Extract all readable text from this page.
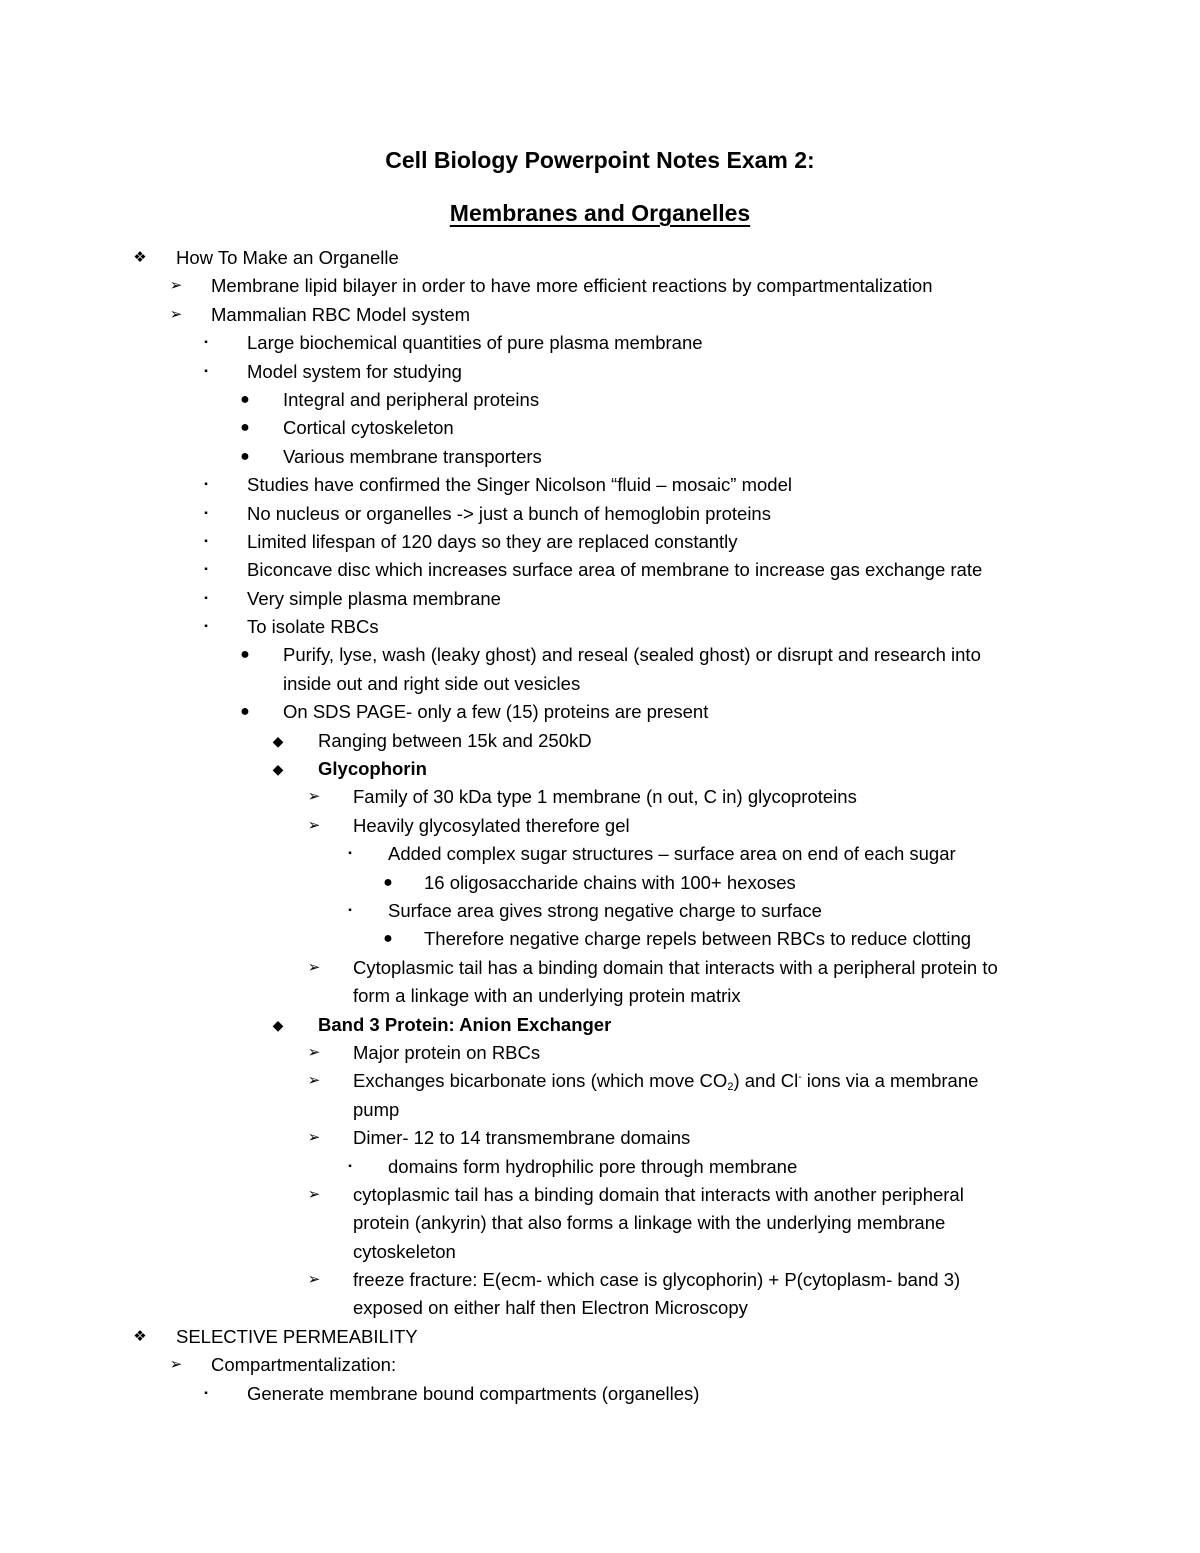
Cell Biology Powerpoint Notes Exam 2:
Membranes and Organelles
❖ How To Make an Organelle
➢	Membrane lipid bilayer in order to have more efficient reactions by compartmentalization
➢	Mammalian RBC Model system
▪	Large biochemical quantities of pure plasma membrane
▪	Model system for studying
●	Integral and peripheral proteins
●	Cortical cytoskeleton
●	Various membrane transporters
▪	Studies have confirmed the Singer Nicolson “fluid – mosaic” model
▪	No nucleus or organelles -> just a bunch of hemoglobin proteins
▪	Limited lifespan of 120 days so they are replaced constantly
▪	Biconcave disc which increases surface area of membrane to increase gas exchange rate
▪	Very simple plasma membrane
▪	To isolate RBCs
●	Purify, lyse, wash (leaky ghost) and reseal (sealed ghost) or disrupt and research into
inside out and right side out vesicles
●	On SDS PAGE- only a few (15) proteins are present
◆	Ranging between 15k and 250kD
◆	Glycophorin
➢	Family of 30 kDa type 1 membrane (n out, C in) glycoproteins
➢	Heavily glycosylated therefore gel
▪	Added complex sugar structures – surface area on end of each sugar
●	16 oligosaccharide chains with 100+ hexoses
▪	Surface area gives strong negative charge to surface
●	Therefore negative charge repels between RBCs to reduce clotting
➢	Cytoplasmic tail has a binding domain that interacts with a peripheral protein to
form a linkage with an underlying protein matrix
◆	Band 3 Protein: Anion Exchanger
➢	Major protein on RBCs
➢	Exchanges bicarbonate ions (which move $CO_2$) and Cl- ions via a membrane
pump
➢	Dimer- 12 to 14 transmembrane domains
▪	domains form hydrophilic pore through membrane
➢	cytoplasmic tail has a binding domain that interacts with another peripheral
protein (ankyrin) that also forms a linkage with the underlying membrane
cytoskeleton
➢	freeze fracture: E(ecm- which case is glycophorin) + P(cytoplasm- band 3)
exposed on either half then Electron Microscopy
❖ SELECTIVE PERMEABILITY
➢	Compartmentalization:
▪	Generate membrane bound compartments (organelles)
